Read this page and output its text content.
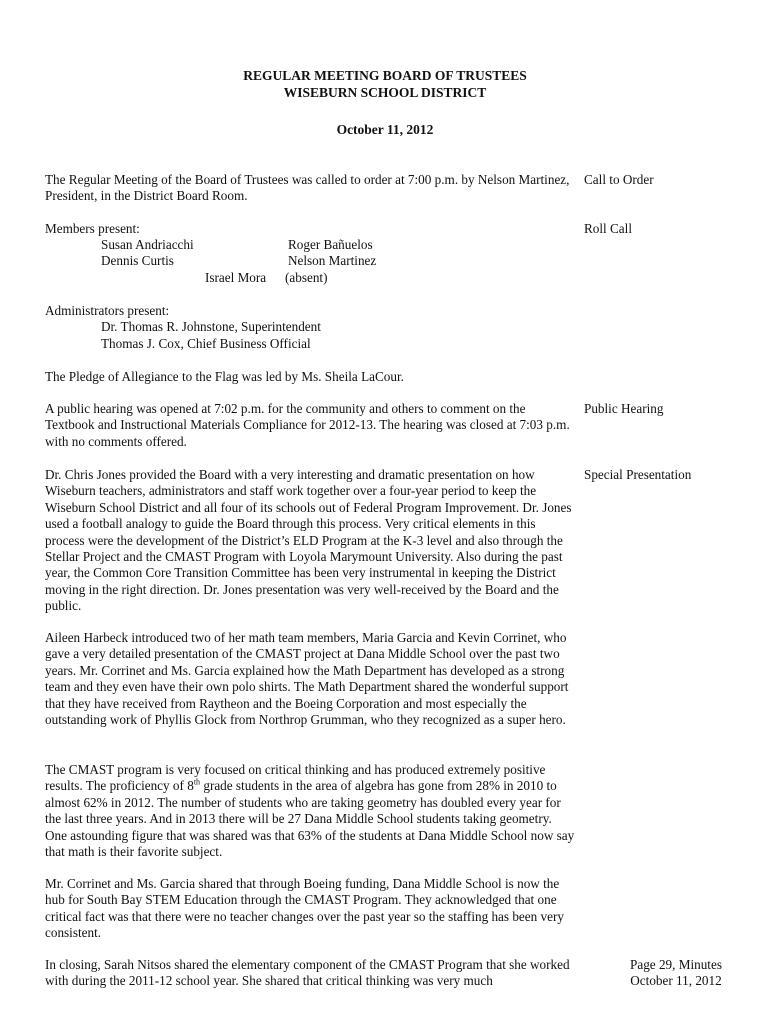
REGULAR MEETING BOARD OF TRUSTEES
WISEBURN SCHOOL DISTRICT
October 11, 2012

The Regular Meeting of the Board of Trustees was called to order at 7:00 p.m. by Nelson Martinez, President, in the District Board Room.

Call to Order
Members present:	Roll Call
Susan Andriacchi	Roger Bañuelos
Dennis Curtis	Nelson Martinez
Israel Mora (absent)
Administrators present:
Dr. Thomas R. Johnstone, Superintendent
Thomas J. Cox, Chief Business Official

The Pledge of Allegiance to the Flag was led by Ms. Sheila LaCour.

A public hearing was opened at 7:02 p.m. for the community and others to comment on the Textbook and Instructional Materials Compliance for 2012-13. The hearing was closed at 7:03 p.m. with no comments offered.

Public Hearing

Dr. Chris Jones provided the Board with a very interesting and dramatic presentation on how Wiseburn teachers, administrators and staff work together over a four-year period to keep the Wiseburn School District and all four of its schools out of Federal Program Improvement. Dr. Jones used a football analogy to guide the Board through this process. Very critical elements in this process were the development of the District’s ELD Program at the K-3 level and also through the Stellar Project and the CMAST Program with Loyola Marymount University. Also during the past year, the Common Core Transition Committee has been very instrumental in keeping the District moving in the right direction. Dr. Jones presentation was very well-received by the Board and the public.

Special Presentation

Aileen Harbeck introduced two of her math team members, Maria Garcia and Kevin Corrinet, who gave a very detailed presentation of the CMAST project at Dana Middle School over the past two years. Mr. Corrinet and Ms. Garcia explained how the Math Department has developed as a strong team and they even have their own polo shirts. The Math Department shared the wonderful support that they have received from Raytheon and the Boeing Corporation and most especially the outstanding work of Phyllis Glock from Northrop Grumman, who they recognized as a super hero.

The CMAST program is very focused on critical thinking and has produced extremely positive results. The proficiency of 8th grade students in the area of algebra has gone from 28% in 2010 to almost 62% in 2012. The number of students who are taking geometry has doubled every year for the last three years. And in 2013 there will be 27 Dana Middle School students taking geometry. One astounding figure that was shared was that 63% of the students at Dana Middle School now say that math is their favorite subject.

Mr. Corrinet and Ms. Garcia shared that through Boeing funding, Dana Middle School is now the hub for South Bay STEM Education through the CMAST Program. They acknowledged that one critical fact was that there were no teacher changes over the past year so the staffing has been very consistent.

In closing, Sarah Nitsos shared the elementary component of the CMAST Program that she worked with during the 2011-12 school year. She shared that critical thinking was very much

Page 29, Minutes
October 11, 2012
